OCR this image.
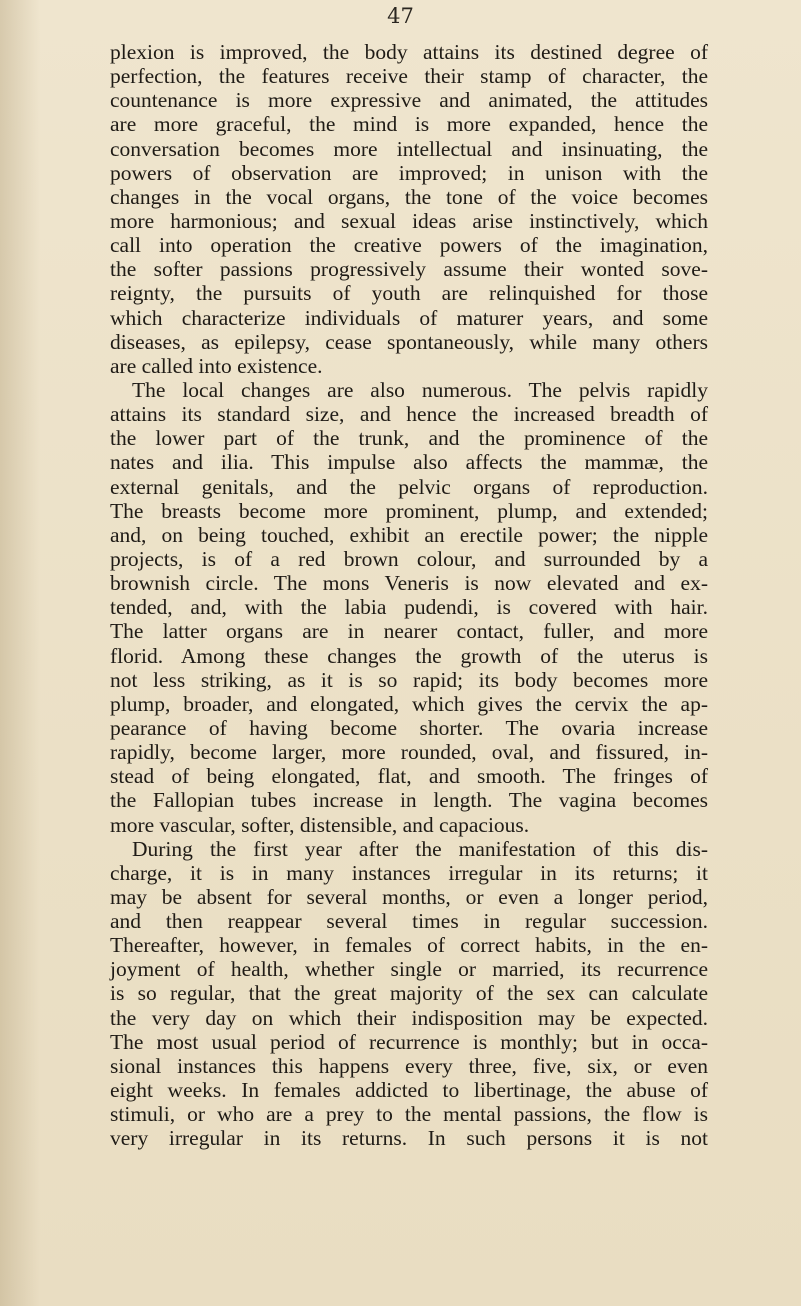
47
plexion is improved, the body attains its destined degree of
perfection, the features receive their stamp of character, the
countenance is more expressive and animated, the attitudes
are more graceful, the mind is more expanded, hence the
conversation becomes more intellectual and insinuating, the
powers of observation are improved; in unison with the
changes in the vocal organs, the tone of the voice becomes
more harmonious; and sexual ideas arise instinctively, which
call into operation the creative powers of the imagination,
the softer passions progressively assume their wonted sove-
reignty, the pursuits of youth are relinquished for those
which characterize individuals of maturer years, and some
diseases, as epilepsy, cease spontaneously, while many others
are called into existence.
The local changes are also numerous. The pelvis rapidly
attains its standard size, and hence the increased breadth of
the lower part of the trunk, and the prominence of the
nates and ilia. This impulse also affects the mammæ, the
external genitals, and the pelvic organs of reproduction.
The breasts become more prominent, plump, and extended;
and, on being touched, exhibit an erectile power; the nipple
projects, is of a red brown colour, and surrounded by a
brownish circle. The mons Veneris is now elevated and ex-
tended, and, with the labia pudendi, is covered with hair.
The latter organs are in nearer contact, fuller, and more
florid. Among these changes the growth of the uterus is
not less striking, as it is so rapid; its body becomes more
plump, broader, and elongated, which gives the cervix the ap-
pearance of having become shorter. The ovaria increase
rapidly, become larger, more rounded, oval, and fissured, in-
stead of being elongated, flat, and smooth. The fringes of
the Fallopian tubes increase in length. The vagina becomes
more vascular, softer, distensible, and capacious.
During the first year after the manifestation of this dis-
charge, it is in many instances irregular in its returns; it
may be absent for several months, or even a longer period,
and then reappear several times in regular succession.
Thereafter, however, in females of correct habits, in the en-
joyment of health, whether single or married, its recurrence
is so regular, that the great majority of the sex can calculate
the very day on which their indisposition may be expected.
The most usual period of recurrence is monthly; but in occa-
sional instances this happens every three, five, six, or even
eight weeks. In females addicted to libertinage, the abuse of
stimuli, or who are a prey to the mental passions, the flow is
very irregular in its returns. In such persons it is not
